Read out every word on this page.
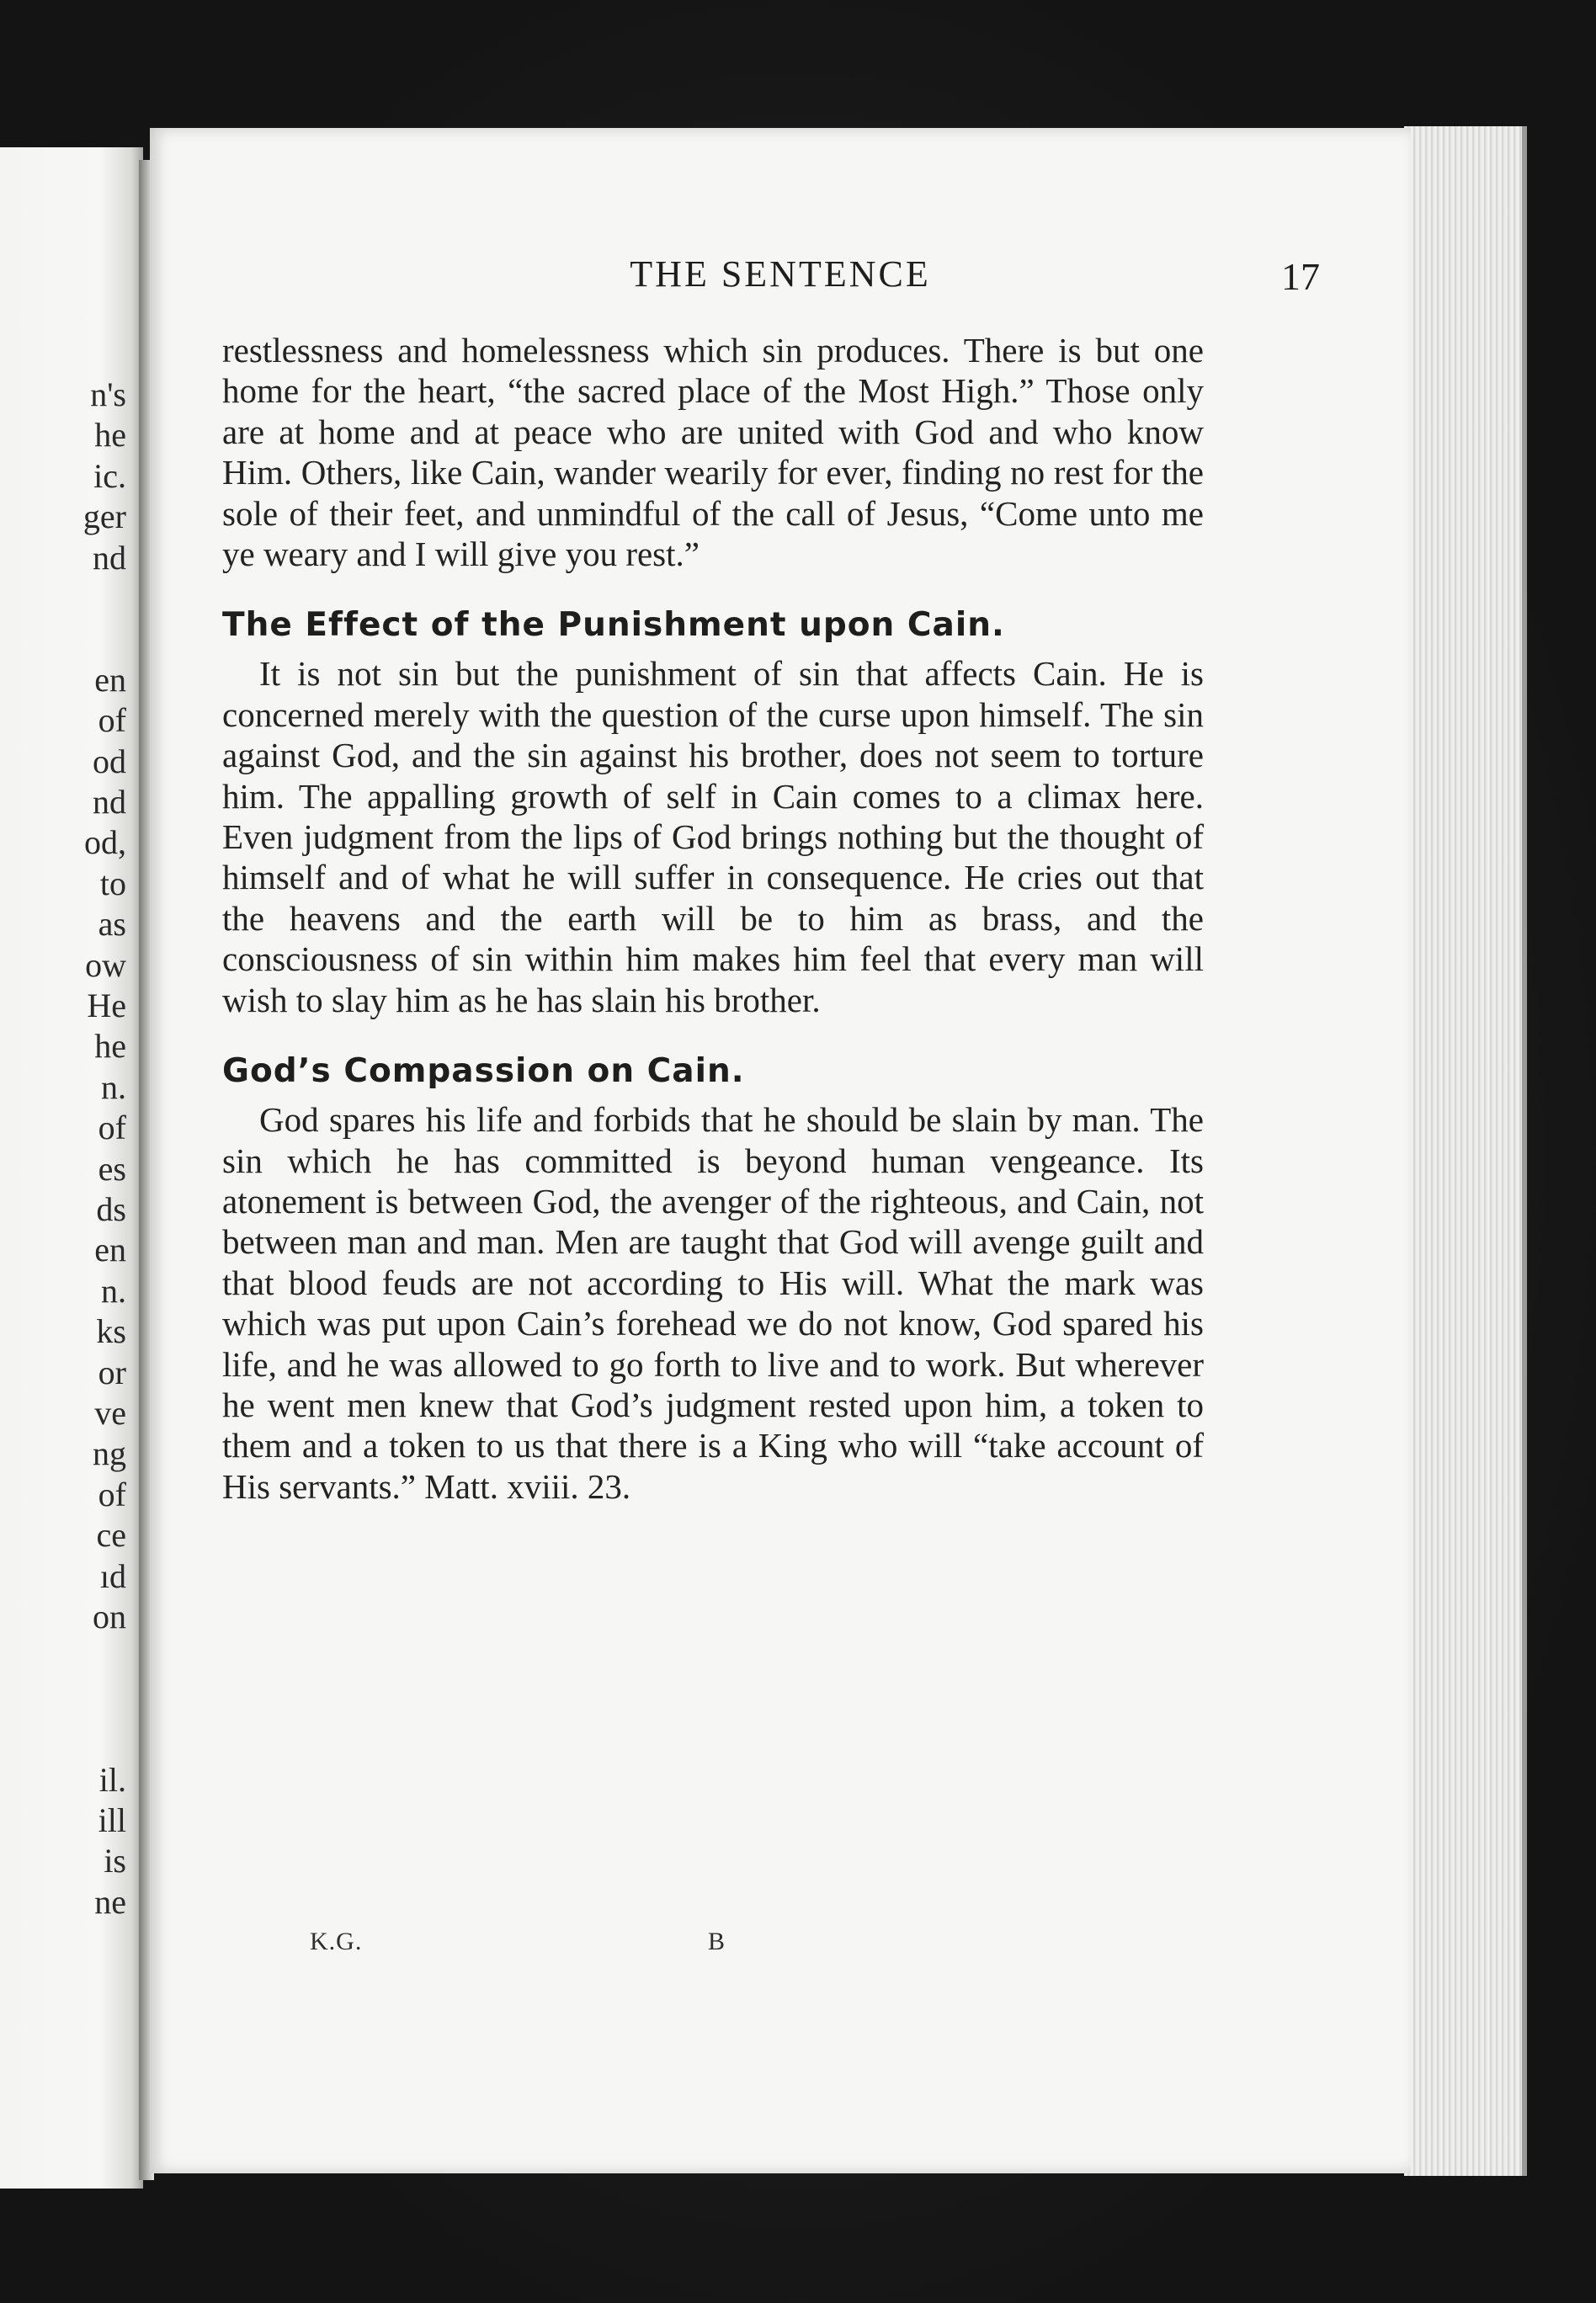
n's
he
ic.
ger
nd
en
of
od
nd
od,
to
as
ow
He
he
n.
of
es
ds
en
n.
ks
or
ve
ng
of
ce
ıd
on
il.
ill
is
ne
THE SENTENCE	17

restlessness and homelessness which sin produces. There is but one home for the heart, “the sacred place of the Most High.” Those only are at home and at peace who are united with God and who know Him. Others, like Cain, wander wearily for ever, finding no rest for the sole of their feet, and unmindful of the call of Jesus, “Come unto me ye weary and I will give you rest.”

The Effect of the Punishment upon Cain.

It is not sin but the punishment of sin that affects Cain. He is concerned merely with the question of the curse upon himself. The sin against God, and the sin against his brother, does not seem to torture him. The appalling growth of self in Cain comes to a climax here. Even judgment from the lips of God brings nothing but the thought of himself and of what he will suffer in consequence. He cries out that the heavens and the earth will be to him as brass, and the consciousness of sin within him makes him feel that every man will wish to slay him as he has slain his brother.

God’s Compassion on Cain.

God spares his life and forbids that he should be slain by man. The sin which he has committed is beyond human vengeance. Its atonement is between God, the avenger of the righteous, and Cain, not between man and man. Men are taught that God will avenge guilt and that blood feuds are not according to His will. What the mark was which was put upon Cain’s forehead we do not know, God spared his life, and he was allowed to go forth to live and to work. But wherever he went men knew that God’s judgment rested upon him, a token to them and a token to us that there is a King who will “take account of His servants.” Matt. xviii. 23.

K.G.	B
